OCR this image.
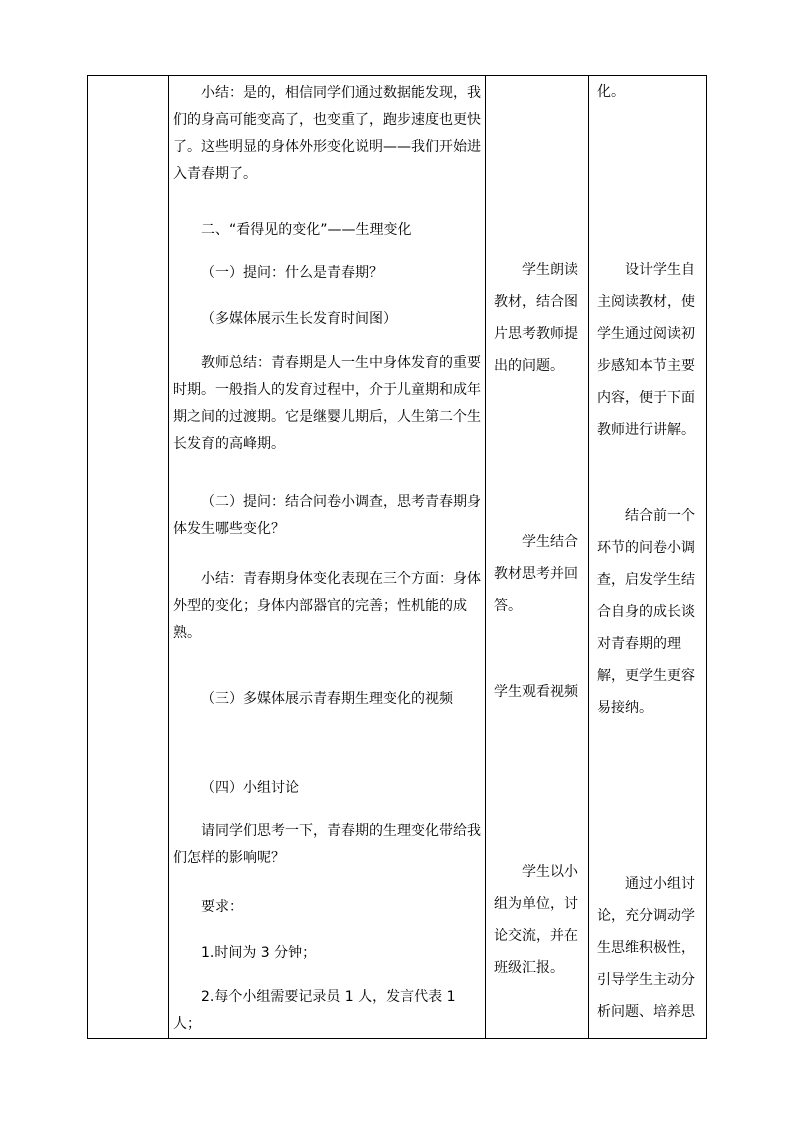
小结：是的，相信同学们通过数据能发现，我们的身高可能变高了，也变重了，跑步速度也更快了。这些明显的身体外形变化说明——我们开始进入青春期了。

二、“看得见的变化”——生理变化

（一）提问：什么是青春期？

（多媒体展示生长发育时间图）

教师总结：青春期是人一生中身体发育的重要时期。一般指人的发育过程中，介于儿童期和成年期之间的过渡期。它是继婴儿期后，人生第二个生长发育的高峰期。

（二）提问：结合问卷小调查，思考青春期身体发生哪些变化？

小结：青春期身体变化表现在三个方面：身体外型的变化；身体内部器官的完善；性机能的成熟。

（三）多媒体展示青春期生理变化的视频

（四）小组讨论

请同学们思考一下，青春期的生理变化带给我们怎样的影响呢？

要求：

1.时间为 3 分钟；

2.每个小组需要记录员 1 人，发言代表 1 人；

学生朗读教材，结合图片思考教师提出的问题。

学生结合教材思考并回答。

学生观看视频

学生以小组为单位，讨论交流，并在班级汇报。

化。

设计学生自主阅读教材，使学生通过阅读初步感知本节主要内容，便于下面教师进行讲解。

结合前一个环节的问卷小调查，启发学生结合自身的成长谈对青春期的理解，更学生更容易接纳。

通过小组讨论，充分调动学生思维积极性，引导学生主动分析问题、培养思
